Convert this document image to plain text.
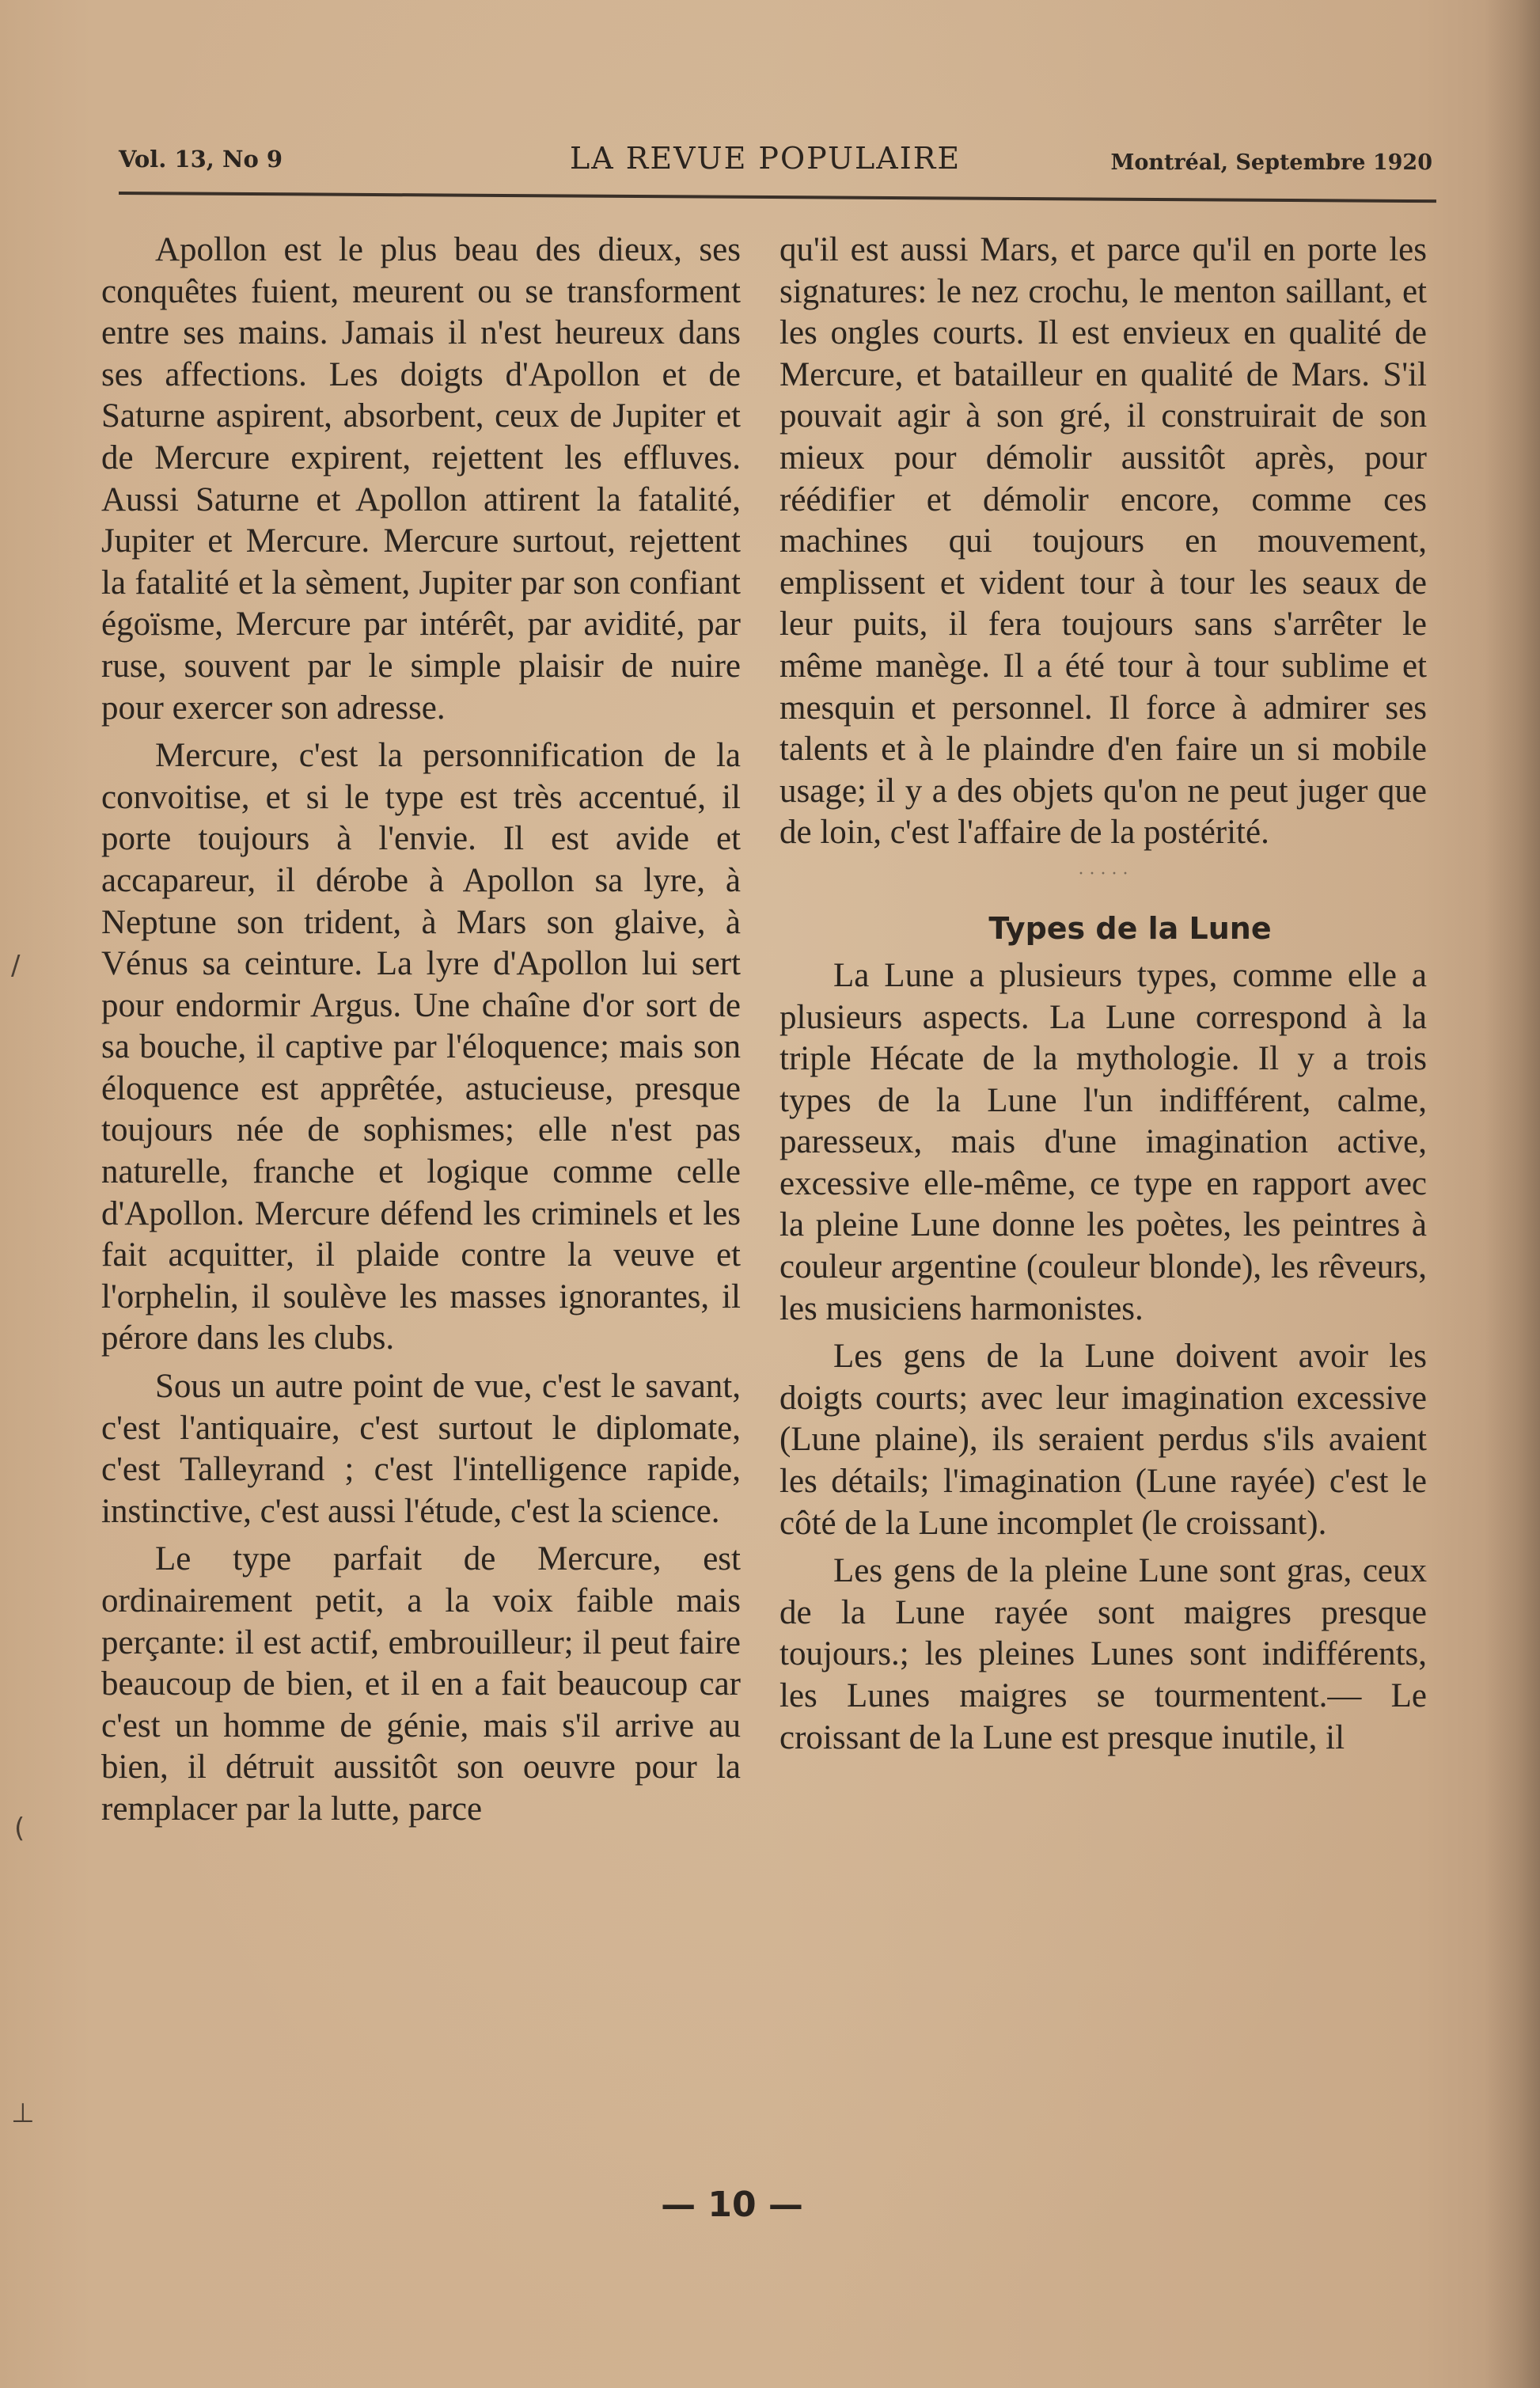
Vol. 13, No 9	LA REVUE POPULAIRE	Montréal, Septembre 1920

Apollon est le plus beau des dieux, ses conquêtes fuient, meurent ou se transforment entre ses mains. Jamais il n'est heureux dans ses affections. Les doigts d'Apollon et de Saturne aspirent, absorbent, ceux de Jupiter et de Mercure expirent, rejettent les effluves. Aussi Saturne et Apollon attirent la fatalité, Jupiter et Mercure. Mercure surtout, rejettent la fatalité et la sèment, Jupiter par son confiant égoïsme, Mercure par intérêt, par avidité, par ruse, souvent par le simple plaisir de nuire pour exercer son adresse.

Mercure, c'est la personnification de la convoitise, et si le type est très accentué, il porte toujours à l'envie. Il est avide et accapareur, il dérobe à Apollon sa lyre, à Neptune son trident, à Mars son glaive, à Vénus sa ceinture. La lyre d'Apollon lui sert pour endormir Argus. Une chaîne d'or sort de sa bouche, il captive par l'éloquence; mais son éloquence est apprêtée, astucieuse, presque toujours née de sophismes; elle n'est pas naturelle, franche et logique comme celle d'Apollon. Mercure défend les criminels et les fait acquitter, il plaide contre la veuve et l'orphelin, il soulève les masses ignorantes, il pérore dans les clubs.

Sous un autre point de vue, c'est le savant, c'est l'antiquaire, c'est surtout le diplomate, c'est Talleyrand ; c'est l'intelligence rapide, instinctive, c'est aussi l'étude, c'est la science.

Le type parfait de Mercure, est ordinairement petit, a la voix faible mais perçante: il est actif, embrouilleur; il peut faire beaucoup de bien, et il en a fait beaucoup car c'est un homme de génie, mais s'il arrive au bien, il détruit aussitôt son oeuvre pour la remplacer par la lutte, parce

qu'il est aussi Mars, et parce qu'il en porte les signatures: le nez crochu, le menton saillant, et les ongles courts. Il est envieux en qualité de Mercure, et batailleur en qualité de Mars. S'il pouvait agir à son gré, il construirait de son mieux pour démolir aussitôt après, pour réédifier et démolir encore, comme ces machines qui toujours en mouvement, emplissent et vident tour à tour les seaux de leur puits, il fera toujours sans s'arrêter le même manège. Il a été tour à tour sublime et mesquin et personnel. Il force à admirer ses talents et à le plaindre d'en faire un si mobile usage; il y a des objets qu'on ne peut juger que de loin, c'est l'affaire de la postérité.

· · · · ·

Types de la Lune

La Lune a plusieurs types, comme elle a plusieurs aspects. La Lune correspond à la triple Hécate de la mythologie. Il y a trois types de la Lune l'un indifférent, calme, paresseux, mais d'une imagination active, excessive elle-même, ce type en rapport avec la pleine Lune donne les poètes, les peintres à couleur argentine (couleur blonde), les rêveurs, les musiciens harmonistes.

Les gens de la Lune doivent avoir les doigts courts; avec leur imagination excessive (Lune plaine), ils seraient perdus s'ils avaient les détails; l'imagination (Lune rayée) c'est le côté de la Lune incomplet (le croissant).

Les gens de la pleine Lune sont gras, ceux de la Lune rayée sont maigres presque toujours.; les pleines Lunes sont indifférents, les Lunes maigres se tourmentent.— Le croissant de la Lune est presque inutile, il

— 10 —
/
(
⊥
